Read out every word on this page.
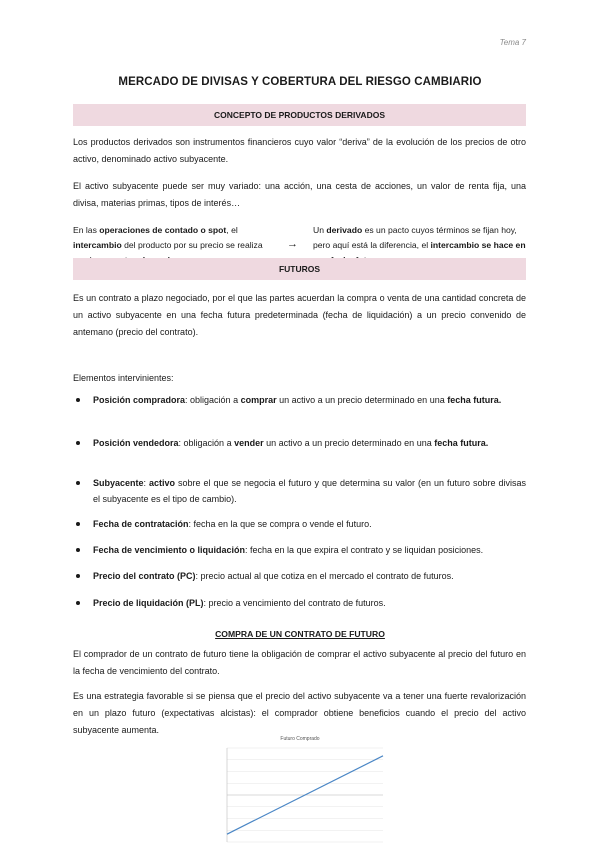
Tema 7
MERCADO DE DIVISAS Y COBERTURA DEL RIESGO CAMBIARIO
CONCEPTO DE PRODUCTOS DERIVADOS
Los productos derivados son instrumentos financieros cuyo valor “deriva” de la evolución de los precios de otro activo, denominado activo subyacente.
El activo subyacente puede ser muy variado: una acción, una cesta de acciones, un valor de renta fija, una divisa, materias primas, tipos de interés…
En las operaciones de contado o spot, el intercambio del producto por su precio se realiza	→
Un derivado es un pacto cuyos términos se fijan hoy, pero aquí está la diferencia, el intercambio se hace en
FUTUROS
Es un contrato a plazo negociado, por el que las partes acuerdan la compra o venta de una cantidad concreta de un activo subyacente en una fecha futura predeterminada (fecha de liquidación) a un precio convenido de antemano (precio del contrato).
Elementos intervinientes:
Posición compradora: obligación a comprar un activo a un precio determinado en una fecha futura.
Posición vendedora: obligación a vender un activo a un precio determinado en una fecha futura.
Subyacente: activo sobre el que se negocia el futuro y que determina su valor (en un futuro sobre divisas el subyacente es el tipo de cambio).
Fecha de contratación: fecha en la que se compra o vende el futuro.
Fecha de vencimiento o liquidación: fecha en la que expira el contrato y se liquidan posiciones.
Precio del contrato (PC): precio actual al que cotiza en el mercado el contrato de futuros.
Precio de liquidación (PL): precio a vencimiento del contrato de futuros.
COMPRA DE UN CONTRATO DE FUTURO
El comprador de un contrato de futuro tiene la obligación de comprar el activo subyacente al precio del futuro en la fecha de vencimiento del contrato.
Es una estrategia favorable si se piensa que el precio del activo subyacente va a tener una fuerte revalorización en un plazo futuro (expectativas alcistas): el comprador obtiene beneficios cuando el precio del activo subyacente aumenta.
Futuro Comprado
